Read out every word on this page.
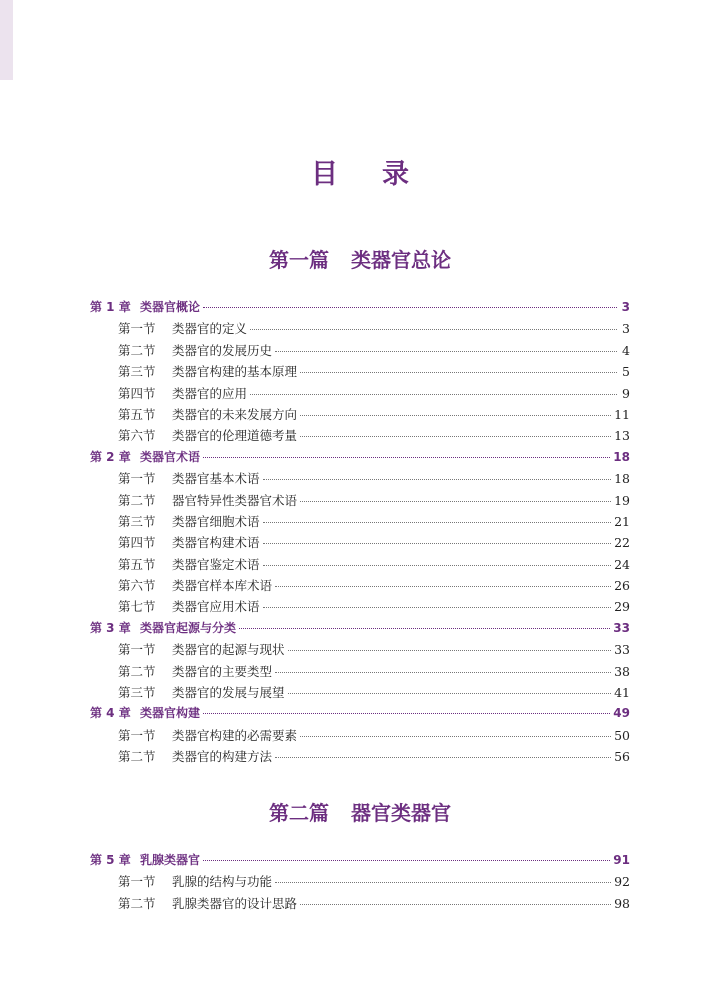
目录
第一篇 类器官总论
第 1 章 类器官概论	3
第一节 类器官的定义	3
第二节 类器官的发展历史	4
第三节 类器官构建的基本原理	5
第四节 类器官的应用	9
第五节 类器官的未来发展方向	11
第六节 类器官的伦理道德考量	13
第 2 章 类器官术语	18
第一节 类器官基本术语	18
第二节 器官特异性类器官术语	19
第三节 类器官细胞术语	21
第四节 类器官构建术语	22
第五节 类器官鉴定术语	24
第六节 类器官样本库术语	26
第七节 类器官应用术语	29
第 3 章 类器官起源与分类	33
第一节 类器官的起源与现状	33
第二节 类器官的主要类型	38
第三节 类器官的发展与展望	41
第 4 章 类器官构建	49
第一节 类器官构建的必需要素	50
第二节 类器官的构建方法	56
第二篇 器官类器官
第 5 章 乳腺类器官	91
第一节 乳腺的结构与功能	92
第二节 乳腺类器官的设计思路	98
